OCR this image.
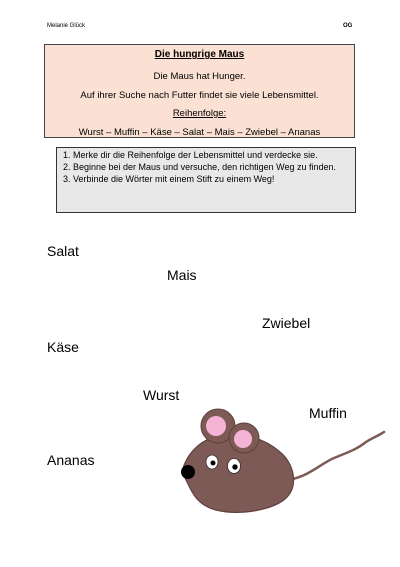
Melanie Glück	OG
Die hungrige Maus
Die Maus hat Hunger.
Auf ihrer Suche nach Futter findet sie viele Lebensmittel.
Reihenfolge:
Wurst – Muffin – Käse – Salat – Mais – Zwiebel – Ananas
1. Merke dir die Reihenfolge der Lebensmittel und verdecke sie.
2. Beginne bei der Maus und versuche, den richtigen Weg zu finden.
3. Verbinde die Wörter mit einem Stift zu einem Weg!
Salat
Mais
Zwiebel
Käse
Wurst
Muffin
Ananas
